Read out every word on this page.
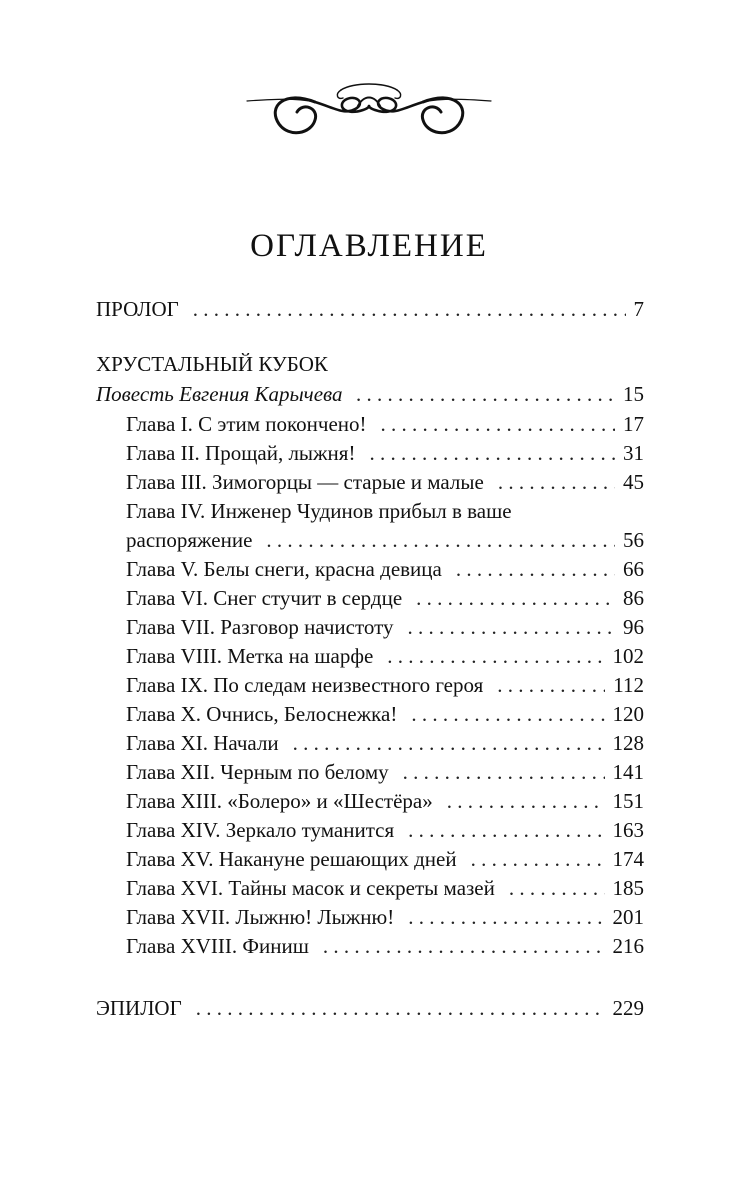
ОГЛАВЛЕНИЕ
ПРОЛОГ . . .	7
ХРУСТАЛЬНЫЙ КУБОК
Повесть Евгения Карычева . . .	15
Глава I. С этим покончено! . . .	17
Глава II. Прощай, лыжня! . . .	31
Глава III. Зимогорцы — старые и малые . . .	45
Глава IV. Инженер Чудинов прибыл в ваше
распоряжение . . .	56
Глава V. Белы снеги, красна девица . . .	66
Глава VI. Снег стучит в сердце . . .	86
Глава VII. Разговор начистоту . . .	96
Глава VIII. Метка на шарфе . . .	102
Глава IX. По следам неизвестного героя . . .	112
Глава X. Очнись, Белоснежка! . . .	120
Глава XI. Начали . . .	128
Глава XII. Черным по белому . . .	141
Глава XIII. «Болеро» и «Шестёра» . . .	151
Глава XIV. Зеркало туманится . . .	163
Глава XV. Накануне решающих дней . . .	174
Глава XVI. Тайны масок и секреты мазей . . .	185
Глава XVII. Лыжню! Лыжню! . . .	201
Глава XVIII. Финиш . . .	216
ЭПИЛОГ . . .	229
